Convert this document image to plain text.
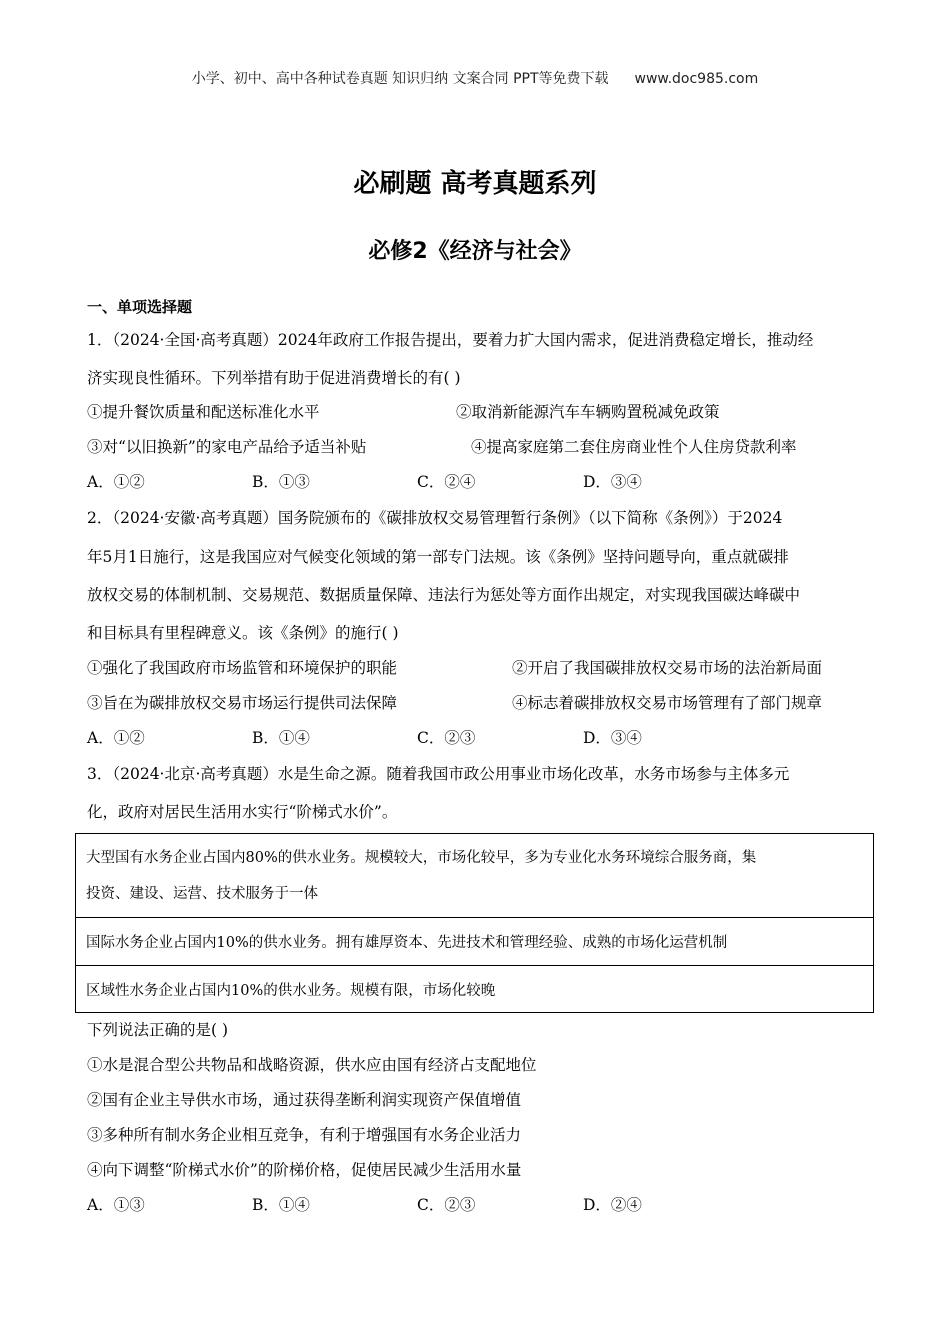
小学、初中、高中各种试卷真题 知识归纳 文案合同 PPT等免费下载 www.doc985.com
必刷题 高考真题系列
必修2《经济与社会》
一、单项选择题
1．（2024·全国·高考真题）2024年政府工作报告提出，要着力扩大国内需求，促进消费稳定增长，推动经
济实现良性循环。下列举措有助于促进消费增长的有( )
①提升餐饮质量和配送标准化水平	②取消新能源汽车车辆购置税减免政策
③对“以旧换新”的家电产品给予适当补贴	④提高家庭第二套住房商业性个人住房贷款利率
A．①②	B．①③	C．②④	D．③④
2．（2024·安徽·高考真题）国务院颁布的《碳排放权交易管理暂行条例》（以下简称《条例》）于2024
年5月1日施行，这是我国应对气候变化领域的第一部专门法规。该《条例》坚持问题导向，重点就碳排
放权交易的体制机制、交易规范、数据质量保障、违法行为惩处等方面作出规定，对实现我国碳达峰碳中
和目标具有里程碑意义。该《条例》的施行( )
①强化了我国政府市场监管和环境保护的职能	②开启了我国碳排放权交易市场的法治新局面
③旨在为碳排放权交易市场运行提供司法保障	④标志着碳排放权交易市场管理有了部门规章
A．①②	B．①④	C．②③	D．③④
3．（2024·北京·高考真题）水是生命之源。随着我国市政公用事业市场化改革，水务市场参与主体多元
化，政府对居民生活用水实行“阶梯式水价”。
大型国有水务企业占国内80%的供水业务。规模较大，市场化较早，多为专业化水务环境综合服务商，集
投资、建设、运营、技术服务于一体

国际水务企业占国内10%的供水业务。拥有雄厚资本、先进技术和管理经验、成熟的市场化运营机制
区域性水务企业占国内10%的供水业务。规模有限，市场化较晚
下列说法正确的是( )
①水是混合型公共物品和战略资源，供水应由国有经济占支配地位
②国有企业主导供水市场，通过获得垄断利润实现资产保值增值
③多种所有制水务企业相互竞争，有利于增强国有水务企业活力
④向下调整“阶梯式水价”的阶梯价格，促使居民减少生活用水量
A．①③	B．①④	C．②③	D．②④
